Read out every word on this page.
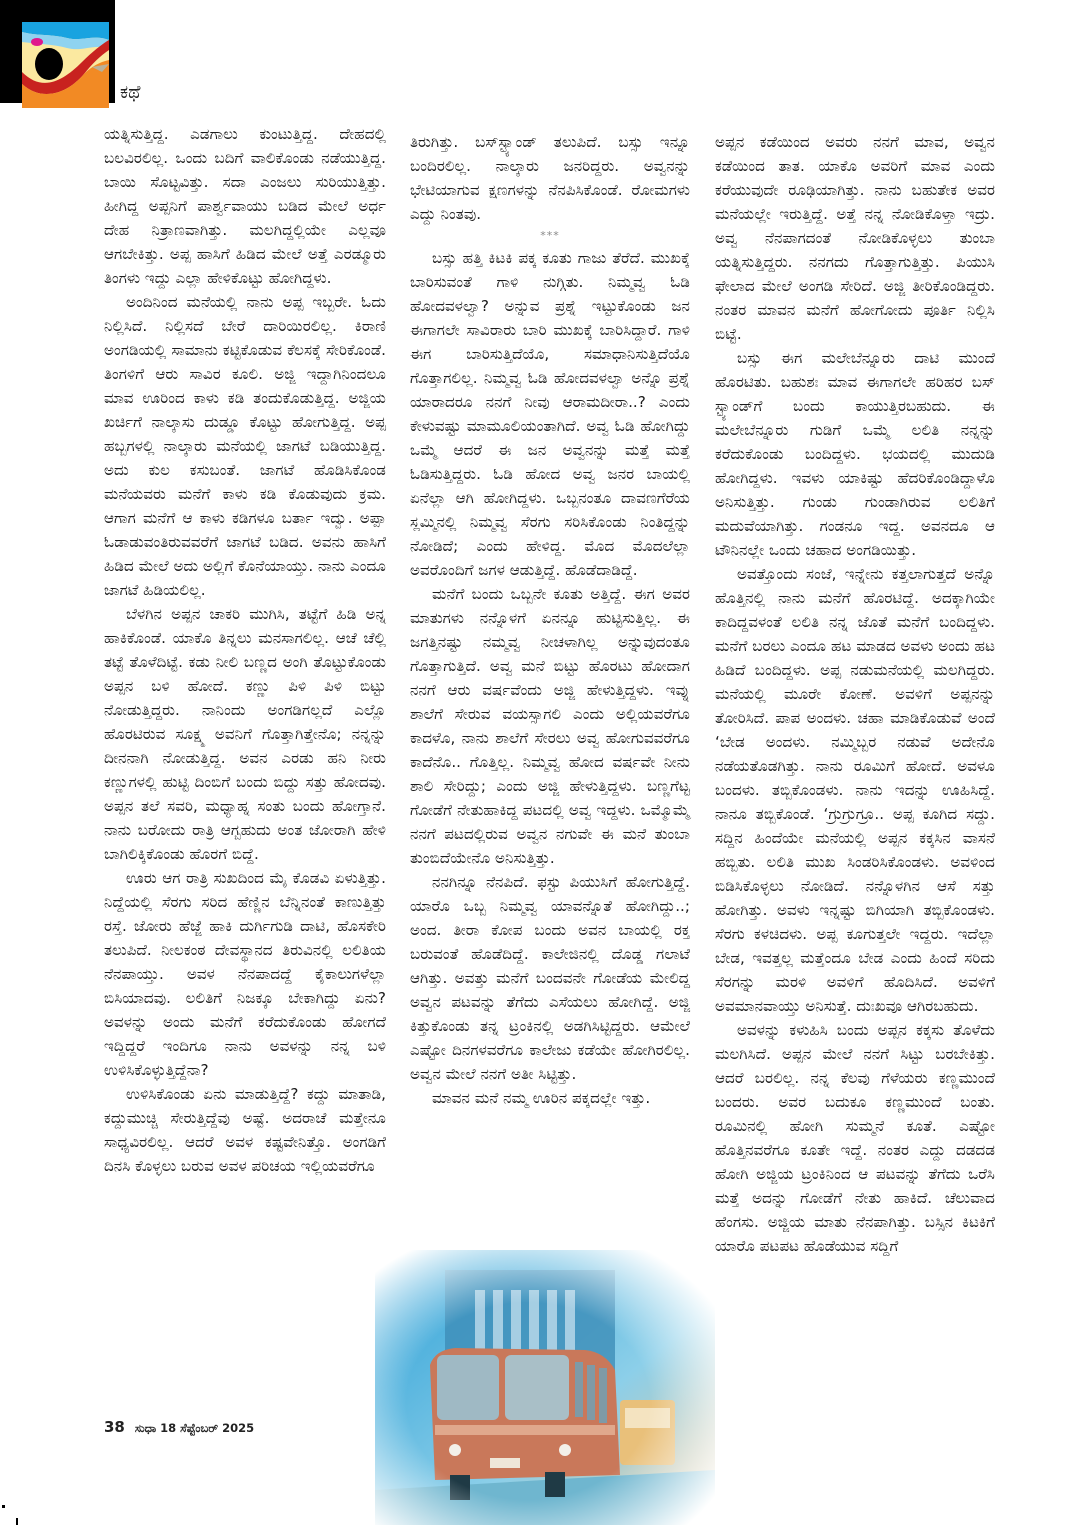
ಕಥೆ

ಯತ್ನಿಸುತ್ತಿದ್ದ. ಎಡಗಾಲು ಕುಂಟುತ್ತಿದ್ದ. ದೇಹದಲ್ಲಿ ಬಲವಿರಲಿಲ್ಲ. ಒಂದು ಬದಿಗೆ ವಾಲಿಕೊಂಡು ನಡೆಯುತ್ತಿದ್ದ. ಬಾಯಿ ಸೊಟ್ಟವಿತ್ತು. ಸದಾ ಎಂಜಲು ಸುರಿಯುತ್ತಿತ್ತು. ಹೀಗಿದ್ದ ಅಪ್ಪನಿಗೆ ಪಾರ್ಶ್ವವಾಯು ಬಡಿದ ಮೇಲೆ ಅರ್ಧ ದೇಹ ನಿತ್ರಾಣವಾಗಿತ್ತು. ಮಲಗಿದ್ದಲ್ಲಿಯೇ ಎಲ್ಲವೂ ಆಗಬೇಕಿತ್ತು. ಅಪ್ಪ ಹಾಸಿಗೆ ಹಿಡಿದ ಮೇಲೆ ಅತ್ತೆ ಎರಡ್ಮೂರು ತಿಂಗಳು ಇದ್ದು ಎಲ್ಲಾ ಹೇಳಿಕೊಟ್ಟು ಹೋಗಿದ್ದಳು.

ಅಂದಿನಿಂದ ಮನೆಯಲ್ಲಿ ನಾನು ಅಪ್ಪ ಇಬ್ಬರೇ. ಓದು ನಿಲ್ಲಿಸಿದೆ. ನಿಲ್ಲಿಸದೆ ಬೇರೆ ದಾರಿಯಿರಲಿಲ್ಲ. ಕಿರಾಣಿ ಅಂಗಡಿಯಲ್ಲಿ ಸಾಮಾನು ಕಟ್ಟಿಕೊಡುವ ಕೆಲಸಕ್ಕೆ ಸೇರಿಕೊಂಡೆ. ತಿಂಗಳಿಗೆ ಆರು ಸಾವಿರ ಕೂಲಿ. ಅಜ್ಜಿ ಇದ್ದಾಗಿನಿಂದಲೂ ಮಾವ ಊರಿಂದ ಕಾಳು ಕಡಿ ತಂದುಕೊಡುತ್ತಿದ್ದ. ಅಜ್ಜಿಯ ಖರ್ಚಿಗೆ ನಾಲ್ಕಾಸು ದುಡ್ಡೂ ಕೊಟ್ಟು ಹೋಗುತ್ತಿದ್ದ. ಅಪ್ಪ ಹಬ್ಬಗಳಲ್ಲಿ ನಾಲ್ಕಾರು ಮನೆಯಲ್ಲಿ ಜಾಗಟೆ ಬಡಿಯುತ್ತಿದ್ದ. ಅದು ಕುಲ ಕಸುಬಂತೆ. ಜಾಗಟೆ ಹೊಡಿಸಿಕೊಂಡ ಮನೆಯವರು ಮನೆಗೆ ಕಾಳು ಕಡಿ ಕೊಡುವುದು ಕ್ರಮ. ಆಗಾಗ ಮನೆಗೆ ಆ ಕಾಳು ಕಡಿಗಳೂ ಬರ್ತಾ ಇದ್ವು. ಅಪ್ಪಾ ಓಡಾಡುವಂತಿರುವವರೆಗೆ ಜಾಗಟೆ ಬಡಿದ. ಅವನು ಹಾಸಿಗೆ ಹಿಡಿದ ಮೇಲೆ ಅದು ಅಲ್ಲಿಗೆ ಕೊನೆಯಾಯ್ತು. ನಾನು ಎಂದೂ ಜಾಗಟೆ ಹಿಡಿಯಲಿಲ್ಲ.

ಬೆಳಗಿನ ಅಪ್ಪನ ಚಾಕರಿ ಮುಗಿಸಿ, ತಟ್ಟೆಗೆ ಹಿಡಿ ಅನ್ನ ಹಾಕಿಕೊಂಡೆ. ಯಾಕೊ ತಿನ್ನಲು ಮನಸಾಗಲಿಲ್ಲ. ಆಚೆ ಚೆಲ್ಲಿ ತಟ್ಟೆ ತೊಳೆದಿಟ್ಟೆ. ಕಡು ನೀಲಿ ಬಣ್ಣದ ಅಂಗಿ ತೊಟ್ಟುಕೊಂಡು ಅಪ್ಪನ ಬಳಿ ಹೋದೆ. ಕಣ್ಣು ಪಿಳಿ ಪಿಳಿ ಬಿಟ್ಟು ನೋಡುತ್ತಿದ್ದರು. ನಾನಿಂದು ಅಂಗಡಿಗಲ್ಲದೆ ಎಲ್ಲೊ ಹೊರಟಿರುವ ಸೂಕ್ಷ್ಮ ಅವನಿಗೆ ಗೊತ್ತಾಗಿತ್ತೇನೊ; ನನ್ನನ್ನು ದೀನನಾಗಿ ನೋಡುತ್ತಿದ್ದ. ಅವನ ಎರಡು ಹನಿ ನೀರು ಕಣ್ಣುಗಳಲ್ಲಿ ಹುಟ್ಟಿ ದಿಂಬಿಗೆ ಬಂದು ಬಿದ್ದು ಸತ್ತು ಹೋದವು. ಅಪ್ಪನ ತಲೆ ಸವರಿ, ಮಧ್ಯಾಹ್ನ ಸಂತು ಬಂದು ಹೋಗ್ತಾನೆ. ನಾನು ಬರೋದು ರಾತ್ರಿ ಆಗ್ಬಹುದು ಅಂತ ಜೋರಾಗಿ ಹೇಳಿ ಬಾಗಿಲಿಕ್ಕಿಕೊಂಡು ಹೊರಗೆ ಬಿದ್ದೆ.

ಊರು ಆಗ ರಾತ್ರಿ ಸುಖದಿಂದ ಮೈ ಕೊಡವಿ ಏಳುತ್ತಿತ್ತು. ನಿದ್ದೆಯಲ್ಲಿ ಸೆರಗು ಸರಿದ ಹೆಣ್ಣಿನ ಬೆನ್ನಿನಂತೆ ಕಾಣುತ್ತಿತ್ತು ರಸ್ತೆ. ಜೋರು ಹೆಜ್ಜೆ ಹಾಕಿ ದುರ್ಗಿಗುಡಿ ದಾಟಿ, ಹೊಸಕೇರಿ ತಲುಪಿದೆ. ನೀಲಕಂಠ ದೇವಸ್ಥಾನದ ತಿರುವಿನಲ್ಲಿ ಲಲಿತಿಯ ನೆನಪಾಯ್ತು. ಅವಳ ನೆನಪಾದದ್ದೆ ಕೈಕಾಲುಗಳೆಲ್ಲಾ ಬಿಸಿಯಾದವು. ಲಲಿತಿಗೆ ನಿಜಕ್ಕೂ ಬೇಕಾಗಿದ್ದು ಏನು? ಅವಳನ್ನು ಅಂದು ಮನೆಗೆ ಕರೆದುಕೊಂಡು ಹೋಗದೆ ಇದ್ದಿದ್ದರೆ ಇಂದಿಗೂ ನಾನು ಅವಳನ್ನು ನನ್ನ ಬಳಿ ಉಳಿಸಿಕೊಳ್ಳುತ್ತಿದ್ದೆನಾ?

ಉಳಿಸಿಕೊಂಡು ಏನು ಮಾಡುತ್ತಿದ್ದೆ? ಕದ್ದು ಮಾತಾಡಿ, ಕದ್ದುಮುಚ್ಚಿ ಸೇರುತ್ತಿದ್ದೆವು ಅಷ್ಟೆ. ಅದರಾಚೆ ಮತ್ತೇನೂ ಸಾಧ್ಯವಿರಲಿಲ್ಲ. ಆದರೆ ಅವಳ ಕಷ್ಟವೇನಿತ್ತೊ. ಅಂಗಡಿಗೆ ದಿನಸಿ ಕೊಳ್ಳಲು ಬರುವ ಅವಳ ಪರಿಚಯ ಇಲ್ಲಿಯವರೆಗೂ

ತಿರುಗಿತ್ತು. ಬಸ್‌ಸ್ಟ್ಯಾಂಡ್ ತಲುಪಿದೆ. ಬಸ್ಸು ಇನ್ನೂ ಬಂದಿರಲಿಲ್ಲ. ನಾಲ್ಕಾರು ಜನರಿದ್ದರು. ಅವ್ವನನ್ನು ಭೇಟಿಯಾಗುವ ಕ್ಷಣಗಳನ್ನು ನೆನಪಿಸಿಕೊಂಡೆ. ರೋಮಗಳು ಎದ್ದು ನಿಂತವು.

***

ಬಸ್ಸು ಹತ್ತಿ ಕಿಟಕಿ ಪಕ್ಕ ಕೂತು ಗಾಜು ತೆರೆದೆ. ಮುಖಕ್ಕೆ ಬಾರಿಸುವಂತೆ ಗಾಳಿ ನುಗ್ಗಿತು. ನಿಮ್ಮವ್ವ ಓಡಿ ಹೋದವಳಲ್ವಾ? ಅನ್ನುವ ಪ್ರಶ್ನೆ ಇಟ್ಟುಕೊಂಡು ಜನ ಈಗಾಗಲೇ ಸಾವಿರಾರು ಬಾರಿ ಮುಖಕ್ಕೆ ಬಾರಿಸಿದ್ದಾರೆ. ಗಾಳಿ ಈಗ ಬಾರಿಸುತ್ತಿದೆಯೊ, ಸಮಾಧಾನಿಸುತ್ತಿದೆಯೊ ಗೊತ್ತಾಗಲಿಲ್ಲ. ನಿಮ್ಮವ್ವ ಓಡಿ ಹೋದವಳಲ್ವಾ ಅನ್ನೊ ಪ್ರಶ್ನೆ ಯಾರಾದರೂ ನನಗೆ ನೀವು ಆರಾಮದೀರಾ..? ಎಂದು ಕೇಳುವಷ್ಟು ಮಾಮೂಲಿಯಂತಾಗಿದೆ. ಅವ್ವ ಓಡಿ ಹೋಗಿದ್ದು ಒಮ್ಮೆ ಆದರೆ ಈ ಜನ ಅವ್ವನನ್ನು ಮತ್ತೆ ಮತ್ತೆ ಓಡಿಸುತ್ತಿದ್ದರು. ಓಡಿ ಹೋದ ಅವ್ವ ಜನರ ಬಾಯಲ್ಲಿ ಏನೆಲ್ಲಾ ಆಗಿ ಹೋಗಿದ್ದಳು. ಒಬ್ಬನಂತೂ ದಾವಣಗೆರೆಯ ಸ್ಲಮ್ಮಿನಲ್ಲಿ ನಿಮ್ಮವ್ವ ಸೆರಗು ಸರಿಸಿಕೊಂಡು ನಿಂತಿದ್ದನ್ನು ನೋಡಿದೆ; ಎಂದು ಹೇಳಿದ್ದ. ಮೊದ ಮೊದಲೆಲ್ಲಾ ಅವರೊಂದಿಗೆ ಜಗಳ ಆಡುತ್ತಿದ್ದೆ. ಹೊಡೆದಾಡಿದ್ದೆ.

ಮನೆಗೆ ಬಂದು ಒಬ್ಬನೇ ಕೂತು ಅತ್ತಿದ್ದೆ. ಈಗ ಅವರ ಮಾತುಗಳು ನನ್ನೊಳಗೆ ಏನನ್ನೂ ಹುಟ್ಟಿಸುತ್ತಿಲ್ಲ. ಈ ಜಗತ್ತಿನಷ್ಟು ನಮ್ಮವ್ವ ನೀಚಳಾಗಿಲ್ಲ ಅನ್ನುವುದಂತೂ ಗೊತ್ತಾಗುತ್ತಿದೆ. ಅವ್ವ ಮನೆ ಬಿಟ್ಟು ಹೊರಟು ಹೋದಾಗ ನನಗೆ ಆರು ವರ್ಷವೆಂದು ಅಜ್ಜಿ ಹೇಳುತ್ತಿದ್ದಳು. ಇವ್ನು ಶಾಲೆಗೆ ಸೇರುವ ವಯಸ್ಸಾಗಲಿ ಎಂದು ಅಲ್ಲಿಯವರೆಗೂ ಕಾದಳೊ, ನಾನು ಶಾಲೆಗೆ ಸೇರಲು ಅವ್ವ ಹೋಗುವವರೆಗೂ ಕಾದೆನೊ.. ಗೊತ್ತಿಲ್ಲ. ನಿಮ್ಮವ್ವ ಹೋದ ವರ್ಷವೇ ನೀನು ಶಾಲಿ ಸೇರಿದ್ದು; ಎಂದು ಅಜ್ಜಿ ಹೇಳುತ್ತಿದ್ದಳು. ಬಣ್ಣಗೆಟ್ಟ ಗೋಡೆಗೆ ನೇತುಹಾಕಿದ್ದ ಪಟದಲ್ಲಿ ಅವ್ವ ಇದ್ದಳು. ಒಮ್ಮೊಮ್ಮೆ ನನಗೆ ಪಟದಲ್ಲಿರುವ ಅವ್ವನ ನಗುವೇ ಈ ಮನೆ ತುಂಬಾ ತುಂಬಿದೆಯೇನೊ ಅನಿಸುತ್ತಿತ್ತು.

ನನಗಿನ್ನೂ ನೆನಪಿದೆ. ಫಸ್ಟು ಪಿಯುಸಿಗೆ ಹೋಗುತ್ತಿದ್ದೆ. ಯಾರೊ ಒಬ್ಬ ನಿಮ್ಮವ್ವ ಯಾವನ್ನೊತೆ ಹೋಗಿದ್ದು..; ಅಂದ. ತೀರಾ ಕೋಪ ಬಂದು ಅವನ ಬಾಯಲ್ಲಿ ರಕ್ತ ಬರುವಂತೆ ಹೊಡೆದಿದ್ದೆ. ಕಾಲೇಜಿನಲ್ಲಿ ದೊಡ್ಡ ಗಲಾಟೆ ಆಗಿತ್ತು. ಅವತ್ತು ಮನೆಗೆ ಬಂದವನೇ ಗೋಡೆಯ ಮೇಲಿದ್ದ ಅವ್ವನ ಪಟವನ್ನು ತೆಗೆದು ಎಸೆಯಲು ಹೋಗಿದ್ದೆ. ಅಜ್ಜಿ ಕಿತ್ತುಕೊಂಡು ತನ್ನ ಟ್ರಂಕಿನಲ್ಲಿ ಅಡಗಿಸಿಟ್ಟಿದ್ದರು. ಆಮೇಲೆ ಎಷ್ಟೋ ದಿನಗಳವರೆಗೂ ಕಾಲೇಜು ಕಡೆಯೇ ಹೋಗಿರಲಿಲ್ಲ. ಅವ್ವನ ಮೇಲೆ ನನಗೆ ಅತೀ ಸಿಟ್ಟಿತ್ತು.

ಮಾವನ ಮನೆ ನಮ್ಮ ಊರಿನ ಪಕ್ಕದಲ್ಲೇ ಇತ್ತು.

ಅಪ್ಪನ ಕಡೆಯಿಂದ ಅವರು ನನಗೆ ಮಾವ, ಅವ್ವನ ಕಡೆಯಿಂದ ತಾತ. ಯಾಕೊ ಅವರಿಗೆ ಮಾವ ಎಂದು ಕರೆಯುವುದೇ ರೂಢಿಯಾಗಿತ್ತು. ನಾನು ಬಹುತೇಕ ಅವರ ಮನೆಯಲ್ಲೇ ಇರುತ್ತಿದ್ದೆ. ಅತ್ತೆ ನನ್ನ ನೋಡಿಕೊಳ್ತಾ ಇದ್ರು. ಅವ್ವ ನೆನಪಾಗದಂತೆ ನೋಡಿಕೊಳ್ಳಲು ತುಂಬಾ ಯತ್ನಿಸುತ್ತಿದ್ದರು. ನನಗದು ಗೊತ್ತಾಗುತ್ತಿತ್ತು. ಪಿಯುಸಿ ಫೇಲಾದ ಮೇಲೆ ಅಂಗಡಿ ಸೇರಿದೆ. ಅಜ್ಜಿ ತೀರಿಕೊಂಡಿದ್ದರು. ನಂತರ ಮಾವನ ಮನೆಗೆ ಹೋಗೋದು ಪೂರ್ತಿ ನಿಲ್ಲಿಸಿ ಬಿಟ್ಟೆ.

ಬಸ್ಸು ಈಗ ಮಲೇಬೆನ್ನೂರು ದಾಟಿ ಮುಂದೆ ಹೊರಟಿತು. ಬಹುಶಃ ಮಾವ ಈಗಾಗಲೇ ಹರಿಹರ ಬಸ್ ಸ್ಟ್ಯಾಂಡ್‌ಗೆ ಬಂದು ಕಾಯುತ್ತಿರಬಹುದು. ಈ ಮಲೇಬೆನ್ನೂರು ಗುಡಿಗೆ ಒಮ್ಮೆ ಲಲಿತಿ ನನ್ನನ್ನು ಕರೆದುಕೊಂಡು ಬಂದಿದ್ದಳು. ಭಯದಲ್ಲಿ ಮುದುಡಿ ಹೋಗಿದ್ದಳು. ಇವಳು ಯಾಕಿಷ್ಟು ಹೆದರಿಕೊಂಡಿದ್ದಾಳೊ ಅನಿಸುತ್ತಿತ್ತು. ಗುಂಡು ಗುಂಡಾಗಿರುವ ಲಲಿತಿಗೆ ಮದುವೆಯಾಗಿತ್ತು. ಗಂಡನೂ ಇದ್ದ. ಅವನದೂ ಆ ಟೌನಿನಲ್ಲೇ ಒಂದು ಚಹಾದ ಅಂಗಡಿಯಿತ್ತು.

ಅವತ್ತೊಂದು ಸಂಜೆ, ಇನ್ನೇನು ಕತ್ತಲಾಗುತ್ತದೆ ಅನ್ನೊ ಹೊತ್ತಿನಲ್ಲಿ ನಾನು ಮನೆಗೆ ಹೊರಟಿದ್ದೆ. ಅದಕ್ಕಾಗಿಯೇ ಕಾದಿದ್ದವಳಂತೆ ಲಲಿತಿ ನನ್ನ ಜೊತೆ ಮನೆಗೆ ಬಂದಿದ್ದಳು. ಮನೆಗೆ ಬರಲು ಎಂದೂ ಹಟ ಮಾಡದ ಅವಳು ಅಂದು ಹಟ ಹಿಡಿದೆ ಬಂದಿದ್ದಳು. ಅಪ್ಪ ನಡುಮನೆಯಲ್ಲಿ ಮಲಗಿದ್ದರು. ಮನೆಯಲ್ಲಿ ಮೂರೇ ಕೋಣೆ. ಅವಳಿಗೆ ಅಪ್ಪನನ್ನು ತೋರಿಸಿದೆ. ಪಾಪ ಅಂದಳು. ಚಹಾ ಮಾಡಿಕೊಡುವೆ ಅಂದೆ ‘ಬೇಡ ಅಂದಳು. ನಮ್ಮಿಬ್ಬರ ನಡುವೆ ಅದೇನೊ ನಡೆಯತೊಡಗಿತ್ತು. ನಾನು ರೂಮಿಗೆ ಹೋದೆ. ಅವಳೂ ಬಂದಳು. ತಬ್ಬಿಕೊಂಡಳು. ನಾನು ಇದನ್ನು ಊಹಿಸಿದ್ದೆ. ನಾನೂ ತಬ್ಬಿಕೊಂಡೆ. ‘ಗ್ರುಗ್ರುಗ್ರೂ.. ಅಪ್ಪ ಕೂಗಿದ ಸದ್ದು. ಸದ್ದಿನ ಹಿಂದೆಯೇ ಮನೆಯಲ್ಲಿ ಅಪ್ಪನ ಕಕ್ಕಸಿನ ವಾಸನೆ ಹಬ್ಬಿತು. ಲಲಿತಿ ಮುಖ ಸಿಂಡರಿಸಿಕೊಂಡಳು. ಅವಳಿಂದ ಬಿಡಿಸಿಕೊಳ್ಳಲು ನೋಡಿದೆ. ನನ್ನೊಳಗಿನ ಆಸೆ ಸತ್ತು ಹೋಗಿತ್ತು. ಅವಳು ಇನ್ನಷ್ಟು ಬಿಗಿಯಾಗಿ ತಬ್ಬಿಕೊಂಡಳು. ಸೆರಗು ಕಳಚಿದಳು. ಅಪ್ಪ ಕೂಗುತ್ತಲೇ ಇದ್ದರು. ಇದೆಲ್ಲಾ ಬೇಡ, ಇವತ್ತಲ್ಲ ಮತ್ತೆಂದೂ ಬೇಡ ಎಂದು ಹಿಂದೆ ಸರಿದು ಸೆರಗನ್ನು ಮರಳಿ ಅವಳಿಗೆ ಹೊದಿಸಿದೆ. ಅವಳಿಗೆ ಅವಮಾನವಾಯ್ತು ಅನಿಸುತ್ತೆ. ದುಃಖವೂ ಆಗಿರಬಹುದು.

ಅವಳನ್ನು ಕಳುಹಿಸಿ ಬಂದು ಅಪ್ಪನ ಕಕ್ಕಸು ತೊಳೆದು ಮಲಗಿಸಿದೆ. ಅಪ್ಪನ ಮೇಲೆ ನನಗೆ ಸಿಟ್ಟು ಬರಬೇಕಿತ್ತು. ಆದರೆ ಬರಲಿಲ್ಲ. ನನ್ನ ಕೆಲವು ಗೆಳೆಯರು ಕಣ್ಣಮುಂದೆ ಬಂದರು. ಅವರ ಬದುಕೂ ಕಣ್ಣಮುಂದೆ ಬಂತು. ರೂಮಿನಲ್ಲಿ ಹೋಗಿ ಸುಮ್ಮನೆ ಕೂತೆ. ಎಷ್ಟೋ ಹೊತ್ತಿನವರೆಗೂ ಕೂತೇ ಇದ್ದೆ. ನಂತರ ಎದ್ದು ದಡದಡ ಹೋಗಿ ಅಜ್ಜಿಯ ಟ್ರಂಕಿನಿಂದ ಆ ಪಟವನ್ನು ತೆಗೆದು ಒರೆಸಿ ಮತ್ತೆ ಅದನ್ನು ಗೋಡೆಗೆ ನೇತು ಹಾಕಿದೆ. ಚೆಲುವಾದ ಹೆಂಗಸು. ಅಜ್ಜಿಯ ಮಾತು ನೆನಪಾಗಿತ್ತು. ಬಸ್ಸಿನ ಕಿಟಕಿಗೆ ಯಾರೊ ಪಟಪಟ ಹೊಡೆಯುವ ಸದ್ದಿಗೆ

38 ಸುಧಾ 18 ಸೆಪ್ಟೆಂಬರ್ 2025
